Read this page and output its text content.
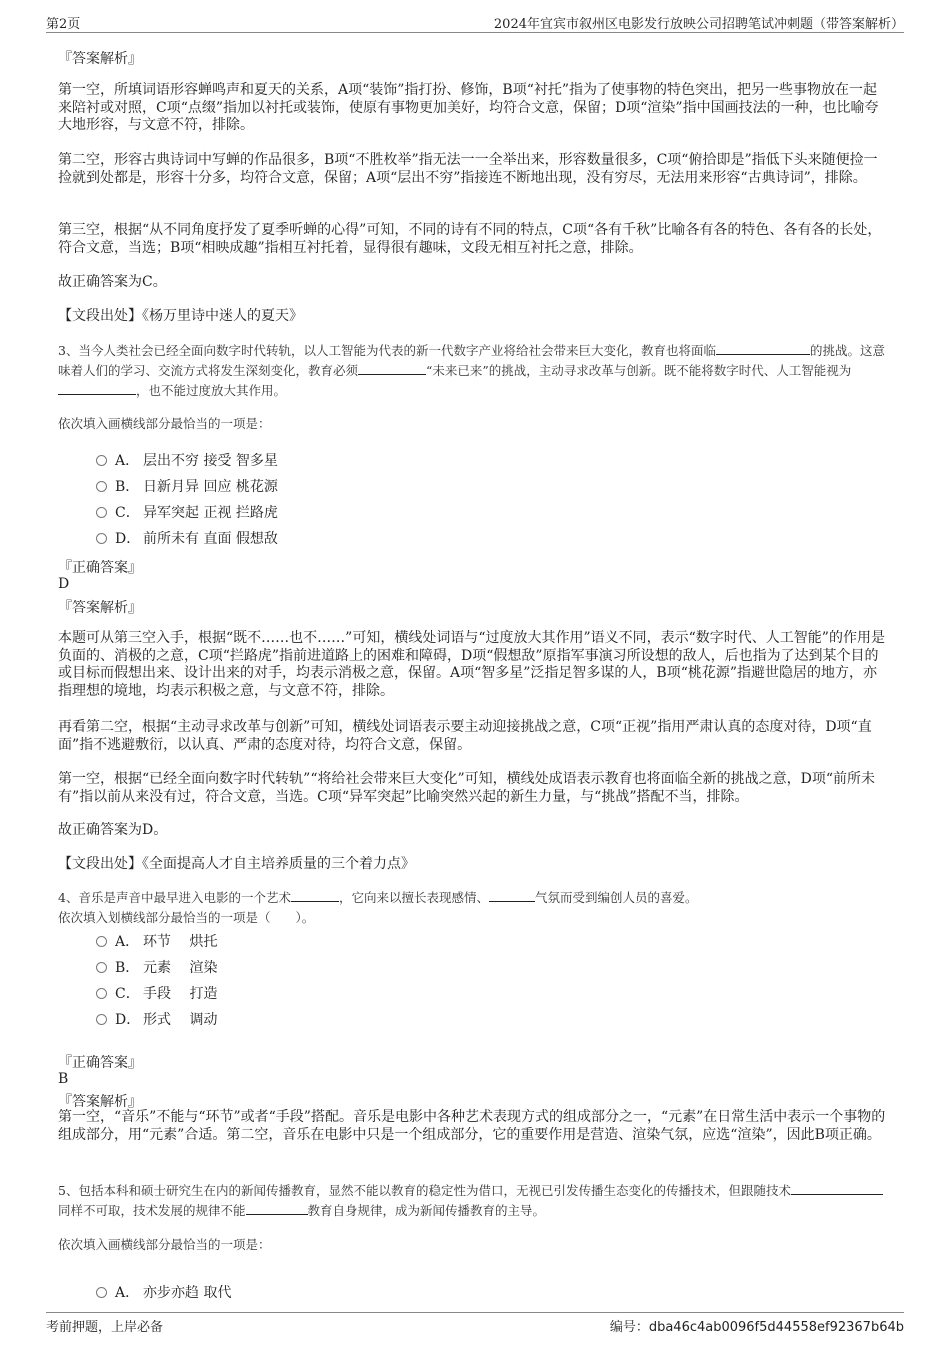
第2页	2024年宜宾市叙州区电影发行放映公司招聘笔试冲刺题（带答案解析）
『答案解析』
第一空，所填词语形容蝉鸣声和夏天的关系，A项“装饰”指打扮、修饰，B项“衬托”指为了使事物的特色突出，把另一些事物放在一起来陪衬或对照，C项“点缀”指加以衬托或装饰，使原有事物更加美好，均符合文意，保留；D项“渲染”指中国画技法的一种，也比喻夸大地形容，与文意不符，排除。
第二空，形容古典诗词中写蝉的作品很多，B项“不胜枚举”指无法一一全举出来，形容数量很多，C项“俯拾即是”指低下头来随便捡一捡就到处都是，形容十分多，均符合文意，保留；A项“层出不穷”指接连不断地出现，没有穷尽，无法用来形容“古典诗词”，排除。
第三空，根据“从不同角度抒发了夏季听蝉的心得”可知，不同的诗有不同的特点，C项“各有千秋”比喻各有各的特色、各有各的长处，符合文意，当选；B项“相映成趣”指相互衬托着，显得很有趣味，文段无相互衬托之意，排除。
故正确答案为C。
【文段出处】《杨万里诗中迷人的夏天》
3、当今人类社会已经全面向数字时代转轨，以人工智能为代表的新一代数字产业将给社会带来巨大变化，教育也将面临	的挑战。这意味着人们的学习、交流方式将发生深刻变化，教育必须	“未来已来”的挑战，主动寻求改革与创新。既不能将数字时代、人工智能视为，也不能过度放大其作用。
依次填入画横线部分最恰当的一项是：
A． 层出不穷 接受 智多星
B． 日新月异 回应 桃花源
C． 异军突起 正视 拦路虎
D． 前所未有 直面 假想敌
『正确答案』
D
『答案解析』
本题可从第三空入手，根据“既不……也不……”可知，横线处词语与“过度放大其作用”语义不同，表示“数字时代、人工智能”的作用是负面的、消极的之意，C项“拦路虎”指前进道路上的困难和障碍，D项“假想敌”原指军事演习所设想的敌人，后也指为了达到某个目的或目标而假想出来、设计出来的对手，均表示消极之意，保留。A项“智多星”泛指足智多谋的人，B项“桃花源”指避世隐居的地方，亦指理想的境地，均表示积极之意，与文意不符，排除。
再看第二空，根据“主动寻求改革与创新”可知，横线处词语表示要主动迎接挑战之意，C项“正视”指用严肃认真的态度对待，D项“直面”指不逃避敷衍，以认真、严肃的态度对待，均符合文意，保留。
第一空，根据“已经全面向数字时代转轨”“将给社会带来巨大变化”可知，横线处成语表示教育也将面临全新的挑战之意，D项“前所未有”指以前从来没有过，符合文意，当选。C项“异军突起”比喻突然兴起的新生力量，与“挑战”搭配不当，排除。
故正确答案为D。
【文段出处】《全面提高人才自主培养质量的三个着力点》
4、音乐是声音中最早进入电影的一个艺术	，它向来以擅长表现感情、	气氛而受到编创人员的喜爱。
依次填入划横线部分最恰当的一项是（　　）。
A． 环节　 烘托
B． 元素　 渲染
C． 手段　 打造
D． 形式　 调动
『正确答案』
B
『答案解析』
第一空，“音乐”不能与“环节”或者“手段”搭配。音乐是电影中各种艺术表现方式的组成部分之一，“元素”在日常生活中表示一个事物的组成部分，用“元素”合适。第二空，音乐在电影中只是一个组成部分，它的重要作用是营造、渲染气氛，应选“渲染”，因此B项正确。
5、包括本科和硕士研究生在内的新闻传播教育，显然不能以教育的稳定性为借口，无视已引发传播生态变化的传播技术，但跟随技术同样不可取，技术发展的规律不能	教育自身规律，成为新闻传播教育的主导。
依次填入画横线部分最恰当的一项是：
A． 亦步亦趋 取代
考前押题，上岸必备	编号：dba46c4ab0096f5d44558ef92367b64b
